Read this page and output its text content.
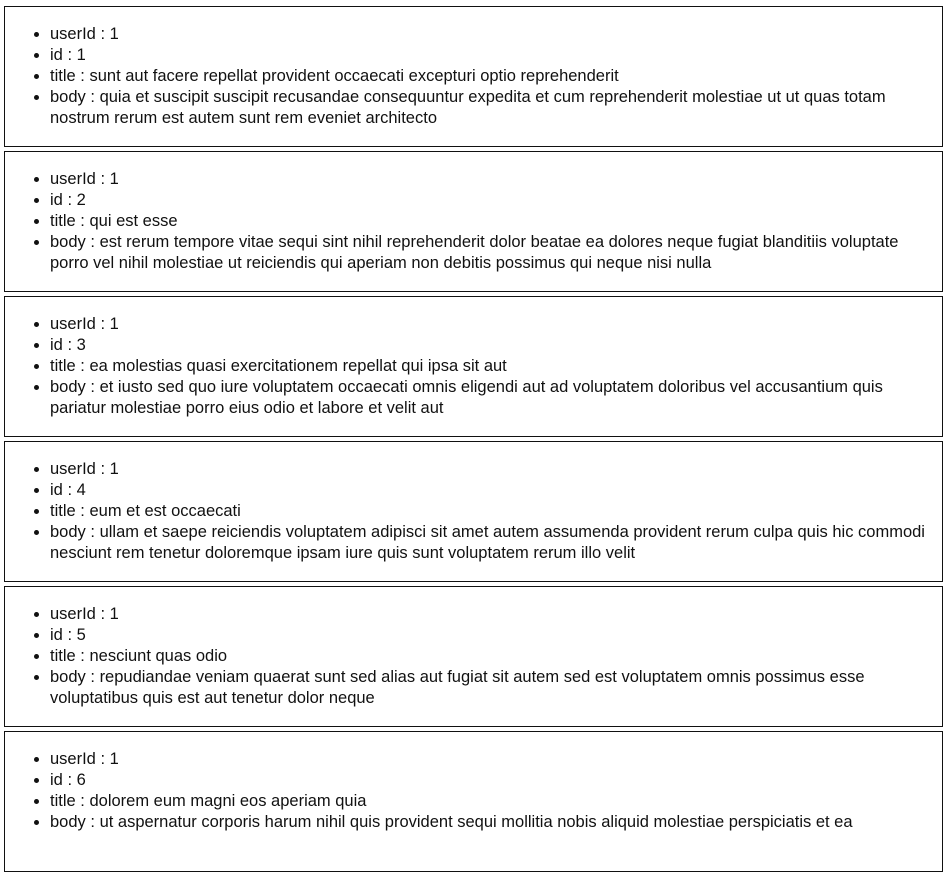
• userId : 1
• id : 1
• title : sunt aut facere repellat provident occaecati excepturi optio reprehenderit
• body : quia et suscipit suscipit recusandae consequuntur expedita et cum reprehenderit molestiae ut ut quas totam nostrum rerum est autem sunt rem eveniet architecto
• userId : 1
• id : 2
• title : qui est esse
• body : est rerum tempore vitae sequi sint nihil reprehenderit dolor beatae ea dolores neque fugiat blanditiis voluptate porro vel nihil molestiae ut reiciendis qui aperiam non debitis possimus qui neque nisi nulla
• userId : 1
• id : 3
• title : ea molestias quasi exercitationem repellat qui ipsa sit aut
• body : et iusto sed quo iure voluptatem occaecati omnis eligendi aut ad voluptatem doloribus vel accusantium quis pariatur molestiae porro eius odio et labore et velit aut
• userId : 1
• id : 4
• title : eum et est occaecati
• body : ullam et saepe reiciendis voluptatem adipisci sit amet autem assumenda provident rerum culpa quis hic commodi nesciunt rem tenetur doloremque ipsam iure quis sunt voluptatem rerum illo velit
• userId : 1
• id : 5
• title : nesciunt quas odio
• body : repudiandae veniam quaerat sunt sed alias aut fugiat sit autem sed est voluptatem omnis possimus esse voluptatibus quis est aut tenetur dolor neque
• userId : 1
• id : 6
• title : dolorem eum magni eos aperiam quia
• body : ut aspernatur corporis harum nihil quis provident sequi mollitia nobis aliquid molestiae perspiciatis et ea
